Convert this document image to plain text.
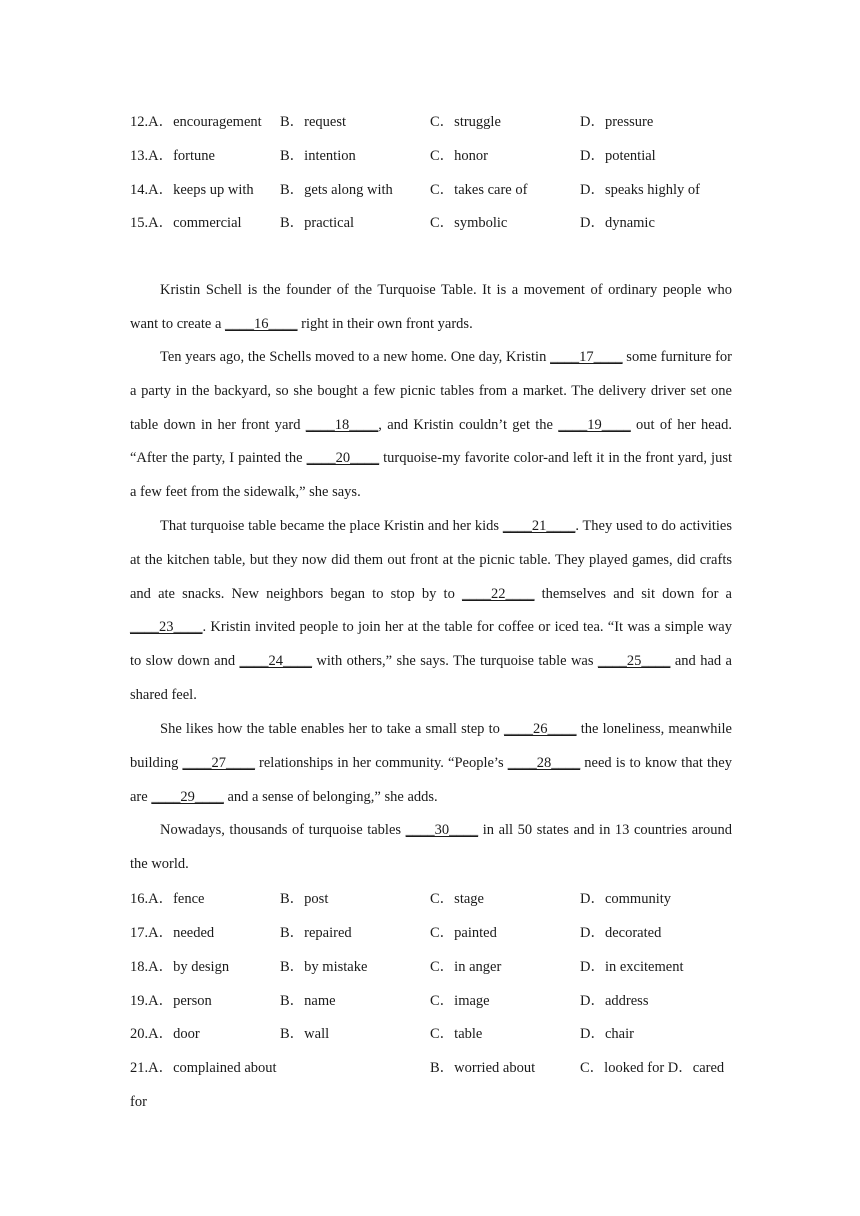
12.A．encouragement B．request	C．struggle	D．pressure
13.A．fortune	B．intention	C．honor	D．potential
14.A．keeps up with B．gets along with	C．takes care of	D．speaks highly of
15.A．commercial	B．practical	C．symbolic	D．dynamic

Kristin Schell is the founder of the Turquoise Table. It is a movement of ordinary people who want to create a ____16____ right in their own front yards.

Ten years ago, the Schells moved to a new home. One day, Kristin ____17____ some furniture for a party in the backyard, so she bought a few picnic tables from a market. The delivery driver set one table down in her front yard ____18____, and Kristin couldn’t get the ____19____ out of her head. “After the party, I painted the ____20____ turquoise-my favorite color-and left it in the front yard, just a few feet from the sidewalk,” she says.

That turquoise table became the place Kristin and her kids ____21____. They used to do activities at the kitchen table, but they now did them out front at the picnic table. They played games, did crafts and ate snacks. New neighbors began to stop by to ____22____ themselves and sit down for a ____23____. Kristin invited people to join her at the table for coffee or iced tea. “It was a simple way to slow down and ____24____ with others,” she says. The turquoise table was ____25____ and had a shared feel.

She likes how the table enables her to take a small step to ____26____ the loneliness, meanwhile building ____27____ relationships in her community. “People’s ____28____ need is to know that they are ____29____ and a sense of belonging,” she adds.

Nowadays, thousands of turquoise tables ____30____ in all 50 states and in 13 countries around the world.

16.A．fence	B．post	C．stage	D．community
17.A．needed	B．repaired	C．painted	D．decorated
18.A．by design	B．by mistake	C．in anger	D．in excitement
19.A．person	B．name	C．image	D．address
20.A．door	B．wall	C．table	D．chair
21.A．complained about	B．worried about	C．looked for D．cared
for
